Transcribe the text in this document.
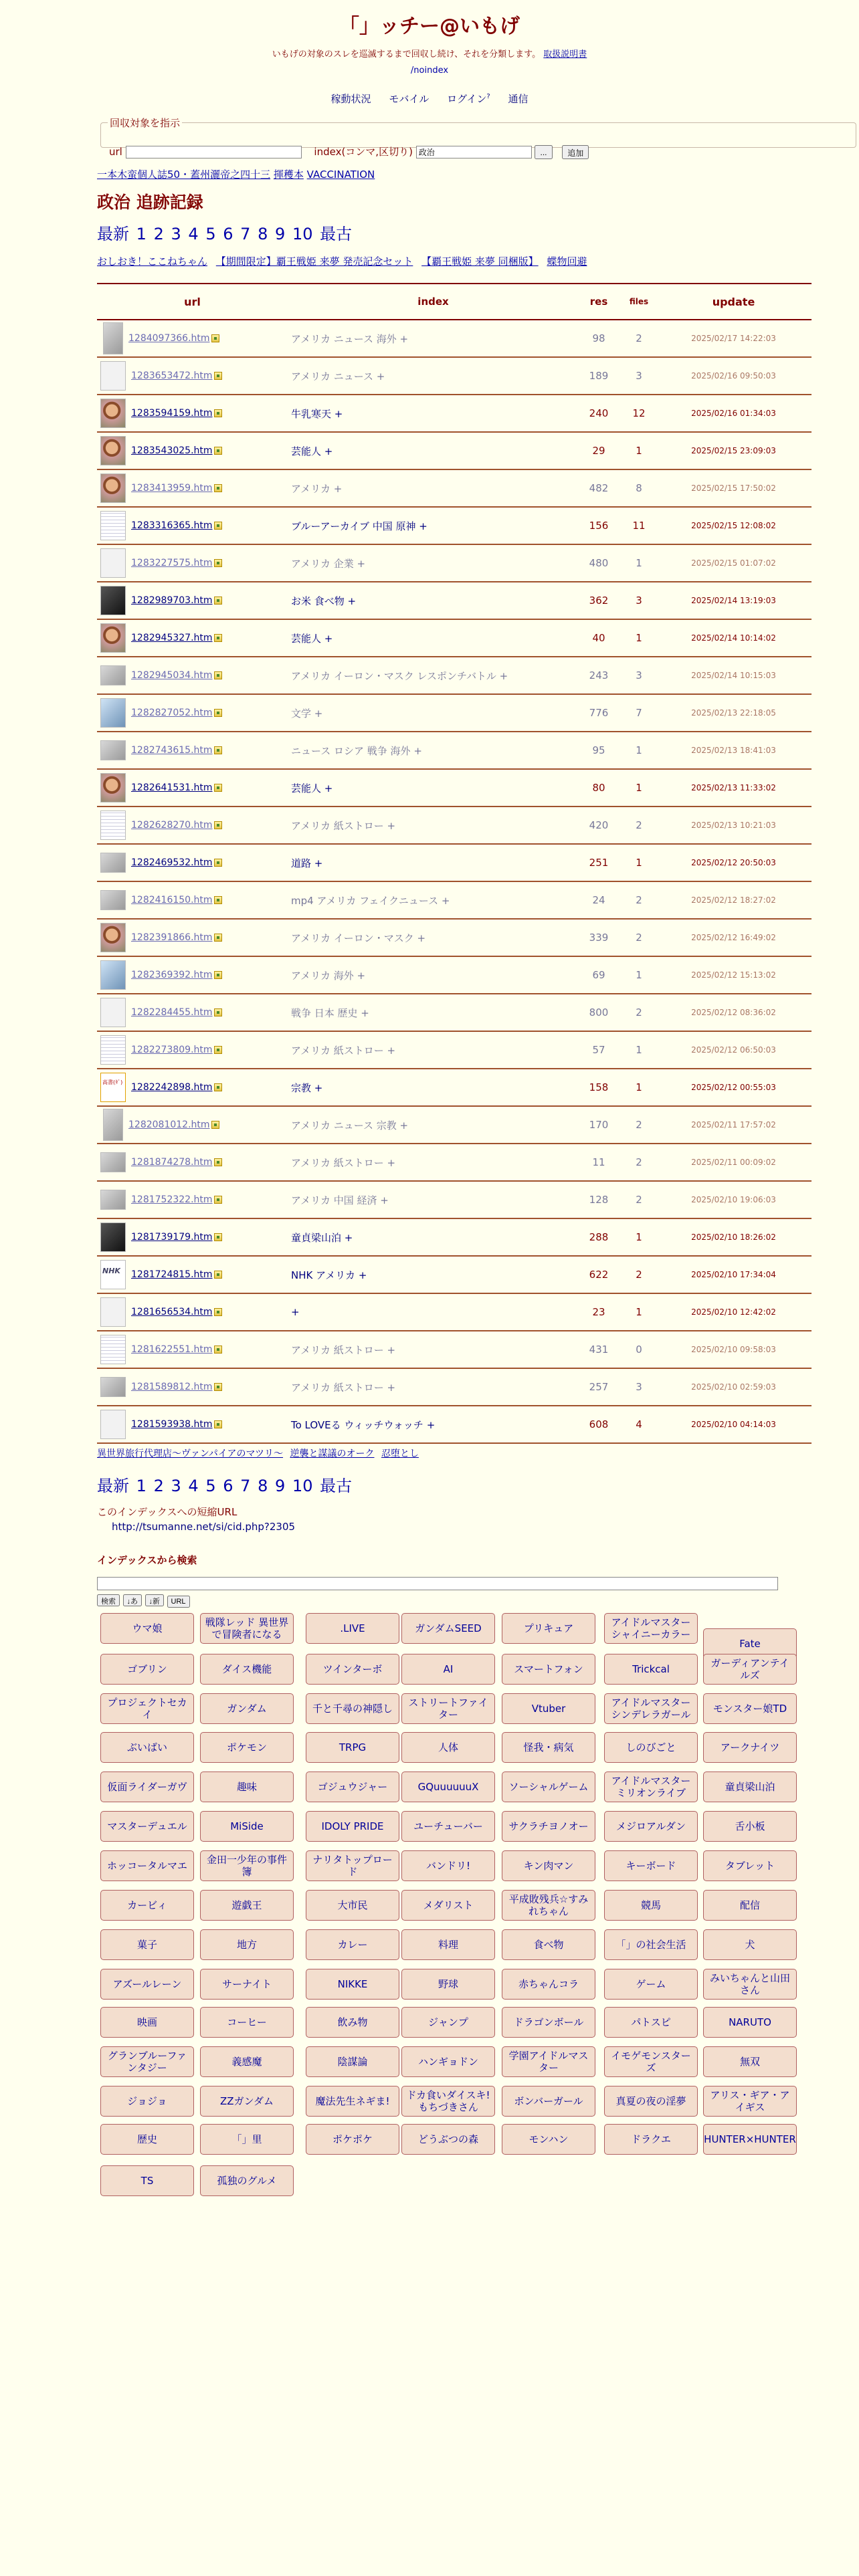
「」ッチー@いもげ
いもげの対象のスレを巡滅するまで回収し続け、それを分類します。 取扱説明書
/noindex
稼動状況 モバイル ログイン? 通信
回収対象を指示
url	index(コンマ,区切り) 政治	...	追加
一本木蛮個人誌50・蓋州灑帝之四十三 揮穫本 VACCINATION
政治 追跡記録
最新 1 2 3 4 5 6 7 8 9 10 最古
おしおき！ここねちゃん 【期間限定】覇王戦姫 来夢 発売記念セット 【覇王戦姫 来夢 同梱版】 蝶物回避
url	index	res	files	update
1284097366.htm	アメリカ ニュース 海外 +	98	2	2025/02/17 14:22:03
1283653472.htm	アメリカ ニュース +	189	3	2025/02/16 09:50:03
1283594159.htm	牛乳寒天 +	240	12	2025/02/16 01:34:03
1283543025.htm	芸能人 +	29	1	2025/02/15 23:09:03
1283413959.htm	アメリカ +	482	8	2025/02/15 17:50:02
1283316365.htm	ブルーアーカイブ 中国 原神 +	156	11	2025/02/15 12:08:02
1283227575.htm	アメリカ 企業 +	480	1	2025/02/15 01:07:02
1282989703.htm	お米 食べ物 +	362	3	2025/02/14 13:19:03
1282945327.htm	芸能人 +	40	1	2025/02/14 10:14:02
1282945034.htm	アメリカ イーロン・マスク レスポンチバトル +	243	3	2025/02/14 10:15:03
1282827052.htm	文学 +	776	7	2025/02/13 22:18:05
1282743615.htm	ニュース ロシア 戦争 海外 +	95	1	2025/02/13 18:41:03
1282641531.htm	芸能人 +	80	1	2025/02/13 11:33:02
1282628270.htm	アメリカ 紙ストロー +	420	2	2025/02/13 10:21:03
1282469532.htm	道路 +	251	1	2025/02/12 20:50:03
1282416150.htm	mp4 アメリカ フェイクニュース +	24	2	2025/02/12 18:27:02
1282391866.htm	アメリカ イーロン・マスク +	339	2	2025/02/12 16:49:02
1282369392.htm	アメリカ 海外 +	69	1	2025/02/12 15:13:02
1282284455.htm	戦争 日本 歴史 +	800	2	2025/02/12 08:36:02
1282273809.htm	アメリカ 紙ストロー +	57	1	2025/02/12 06:50:03
高書(ﾀﾞ)
1282242898.htm	宗教 +	158	1	2025/02/12 00:55:03
1282081012.htm	アメリカ ニュース 宗教 +	170	2	2025/02/11 17:57:02
1281874278.htm	アメリカ 紙ストロー +	11	2	2025/02/11 00:09:02
1281752322.htm	アメリカ 中国 経済 +	128	2	2025/02/10 19:06:03
1281739179.htm	童貞梁山泊 +	288	1	2025/02/10 18:26:02
NHK
1281724815.htm	NHK アメリカ +	622	2	2025/02/10 17:34:04
1281656534.htm	+	23	1	2025/02/10 12:42:02
1281622551.htm	アメリカ 紙ストロー +	431	0	2025/02/10 09:58:03
1281589812.htm	アメリカ 紙ストロー +	257	3	2025/02/10 02:59:03
1281593938.htm	To LOVEる ウィッチウォッチ +	608	4	2025/02/10 04:14:03
異世界旅行代理店〜ヴァンパイアのマツリ〜 逆襲と謀議のオーク 忍堕とし
最新 1 2 3 4 5 6 7 8 9 10 最古
このインデックスへの短縮URL
http://tsumanne.net/si/cid.php?2305
インデックスから検索
検索 ↓あ ↓新 URL
ウマ娘	戦隊レッド 異世界で冒険者になる	.LIVE	ガンダムSEED	プリキュア	アイドルマスター シャイニーカラー
Fate
ゴブリン	ダイス機能	ツインターボ	AI	スマートフォン	Trickcal	ガーディアンテイルズ
プロジェクトセカイ	ガンダム	千と千尋の神隠し	ストリートファイター	Vtuber	アイドルマスター シンデレラガール	モンスター娘TD
ぶいばい	ポケモン	TRPG	人体	怪我・病気	しのびごと	アークナイツ
仮面ライダーガヴ	趣味	ゴジュウジャー	GQuuuuuuX	ソーシャルゲーム	アイドルマスターミリオンライブ	童貞梁山泊
マスターデュエル	MiSide	IDOLY PRIDE	ユーチューバー	サクラチヨノオー	メジロアルダン	舌小板
ホッコータルマエ	金田一少年の事件簿
ナリタトップロード	バンドリ!	キン肉マン	キーボード	タブレット
カービィ	遊戯王	大市民	メダリスト	平成敗残兵☆すみれちゃん	競馬	配信
菓子	地方	カレー	料理	食べ物	「」の社会生活	犬
アズールレーン	サーナイト	NIKKE	野球	赤ちゃんコラ	ゲーム	みいちゃんと山田さん
映画	コーヒー	飲み物	ジャンプ	ドラゴンボール	パトスピ	NARUTO
グランブルーファンタジー	義感魔	陰謀論	ハンギョドン	学園アイドルマスター
イモゲモンスターズ	無双
ジョジョ	ZZガンダム	魔法先生ネギま!	ドカ食いダイスキ! もちづきさん	ボンバーガール	真夏の夜の淫夢	アリス・ギア・アイギス
歴史	「」里	ポケポケ	どうぶつの森	モンハン	ドラクエ	HUNTER×HUNTER
TS	孤独のグルメ
